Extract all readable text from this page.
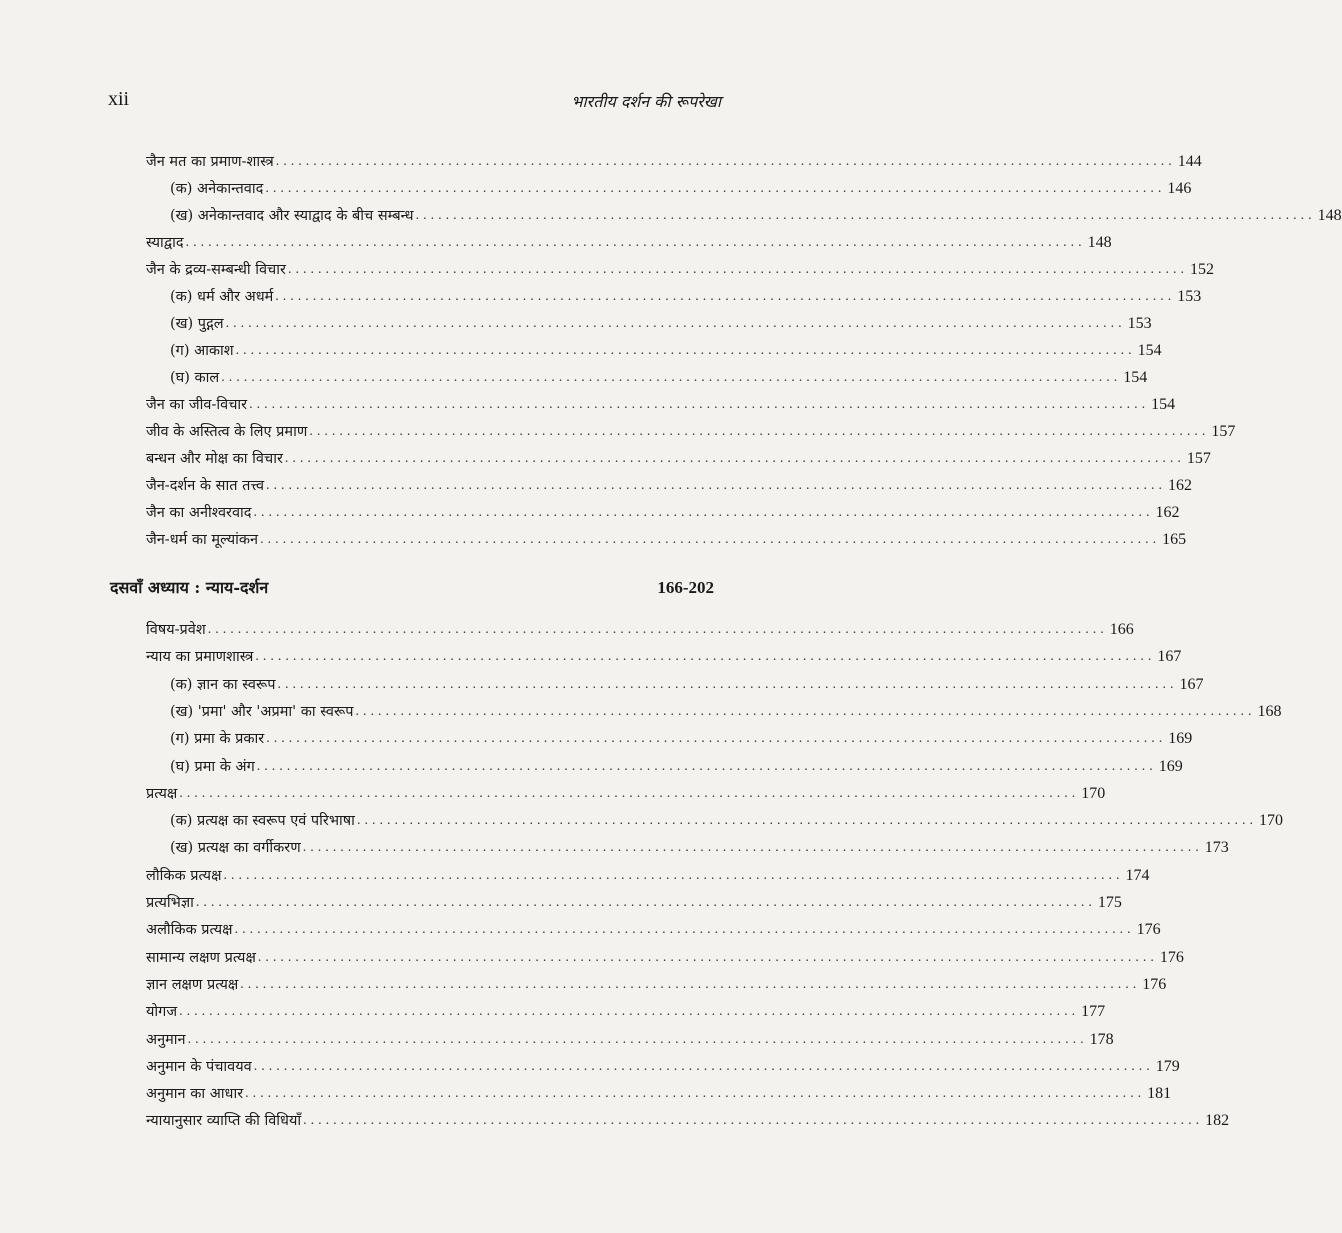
xii	भारतीय दर्शन की रूपरेखा
जैन मत का प्रमाण-शास्त्र ........................................................................................................................ 144
(क) अनेकान्तवाद ........................................................................................................................ 146
(ख) अनेकान्तवाद और स्याद्वाद के बीच सम्बन्ध ........................................................................................................................ 148
स्याद्वाद ........................................................................................................................ 148
जैन के द्रव्य-सम्बन्धी विचार ........................................................................................................................ 152
(क) धर्म और अधर्म ........................................................................................................................ 153
(ख) पुद्गल ........................................................................................................................ 153
(ग) आकाश ........................................................................................................................ 154
(घ) काल ........................................................................................................................ 154
जैन का जीव-विचार ........................................................................................................................ 154
जीव के अस्तित्व के लिए प्रमाण ........................................................................................................................ 157
बन्धन और मोक्ष का विचार ........................................................................................................................ 157
जैन-दर्शन के सात तत्त्व ........................................................................................................................ 162
जैन का अनीश्वरवाद ........................................................................................................................ 162
जैन-धर्म का मूल्यांकन ........................................................................................................................ 165
दसवाँ अध्याय : न्याय-दर्शन	166-202
विषय-प्रवेश ........................................................................................................................ 166
न्याय का प्रमाणशास्त्र ........................................................................................................................ 167
(क) ज्ञान का स्वरूप ........................................................................................................................ 167
(ख) 'प्रमा' और 'अप्रमा' का स्वरूप ........................................................................................................................ 168
(ग) प्रमा के प्रकार ........................................................................................................................ 169
(घ) प्रमा के अंग ........................................................................................................................ 169
प्रत्यक्ष ........................................................................................................................ 170
(क) प्रत्यक्ष का स्वरूप एवं परिभाषा ........................................................................................................................ 170
(ख) प्रत्यक्ष का वर्गीकरण ........................................................................................................................ 173
लौकिक प्रत्यक्ष ........................................................................................................................ 174
प्रत्यभिज्ञा ........................................................................................................................ 175
अलौकिक प्रत्यक्ष ........................................................................................................................ 176
सामान्य लक्षण प्रत्यक्ष ........................................................................................................................ 176
ज्ञान लक्षण प्रत्यक्ष ........................................................................................................................ 176
योगज ........................................................................................................................ 177
अनुमान ........................................................................................................................ 178
अनुमान के पंचावयव ........................................................................................................................ 179
अनुमान का आधार ........................................................................................................................ 181
न्यायानुसार व्याप्ति की विधियाँ ........................................................................................................................ 182
